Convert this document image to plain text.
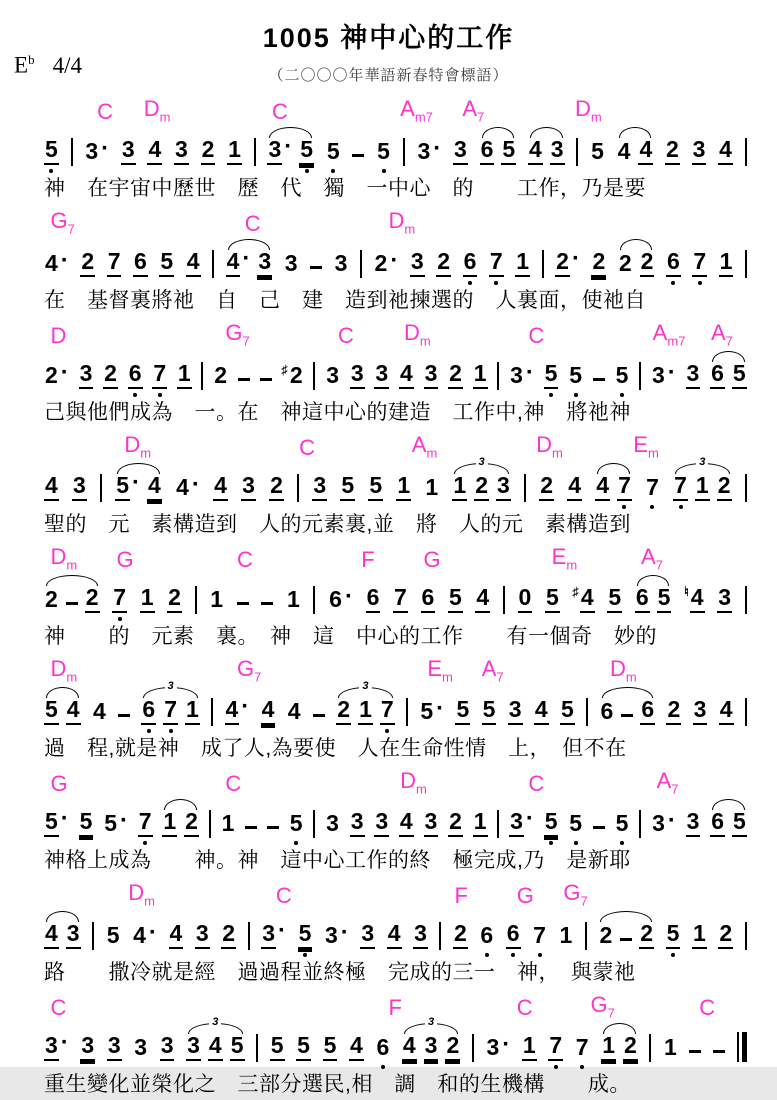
$E^b$ 4/4
1005 神中心的工作
（二〇〇〇年華語新春特會標語）
C $D_m$	C	$A_{m7}$ $A_7$	$D_m$
5 3 · 3 4 3 2 1 3 · 5 5 5 3 · 3 6 5 4 3 5 4 4 2 3 4
神　在宇宙中歷世　歷　代　獨　一中心　的　　工作，乃是要
$G_7$	C	$D_m$
4 · 2 7 6 5 4 4 · 3 3 3 2 · 3 2 6 7 1 2 · 2 2 2 6 7 1
在　基督裏將祂　自　己　建　造到祂揀選的　人裏面，使祂自
D	$G_7$	C $D_m$	C	$A_{m7}$ $A_7$
2 · 3 2 6 7 1 2	♯ 2 3 3 3 4 3 2 1 3 · 5 5 5 3 · 3 6 5
己與他們成為　一。在　神這中心的建造　工作中,神　將祂神
$D_m$	C	$A_m$	$D_m$	$E_m$
4 3 5 · 4 4 · 4 3 2 3 5 5 1 1
3
1 2 3 2 4 4 7 7
3
7 1 2
聖的　元　素構造到　人的元素裏,並　將　人的元　素構造到
$D_m$ G	C	F G	$E_m$	$A_7$
2 2 7 1 2 1	1 6 · 6 7 6 5 4 0 5 ♯ 4 5 6 5 ♮ 4 3
神　　的　元素　裏。　神　這　中心的工作　　有一個奇　妙的
$D_m$	$G_7$	$E_m$ $A_7$	$D_m$
5 4 4
3
6 7 1 4 · 4 4
3
2 1 7 5 · 5 5 3 4 5 6 6 2 3 4
過　程,就是神　成了人,為要使　人在生命性情　上，　但不在
G	C	$D_m$	C	$A_7$
5 · 5 5 · 7 1 2 1 5 3 3 3 4 3 2 1 3 · 5 5 5 3 · 3 6 5
神格上成為　　神。神　這中心工作的終　極完成,乃　是新耶
$D_m$	C	F G $G_7$
4 3 5 4 · 4 3 2 3 · 5 3 · 3 4 3 2 6 6 7 1 2 2 5 1 2
路　　撒冷就是經　過過程並終極　完成的三一　神，　與蒙祂
C	F	C	$G_7$	C
3 · 3 3 3 3
3
3 4 5 5 5 5 4 6
3
4 3 2 3 · 1 7 7 1 2 1
重生變化並榮化之　三部分選民,相　調　和的生機構　　成。
